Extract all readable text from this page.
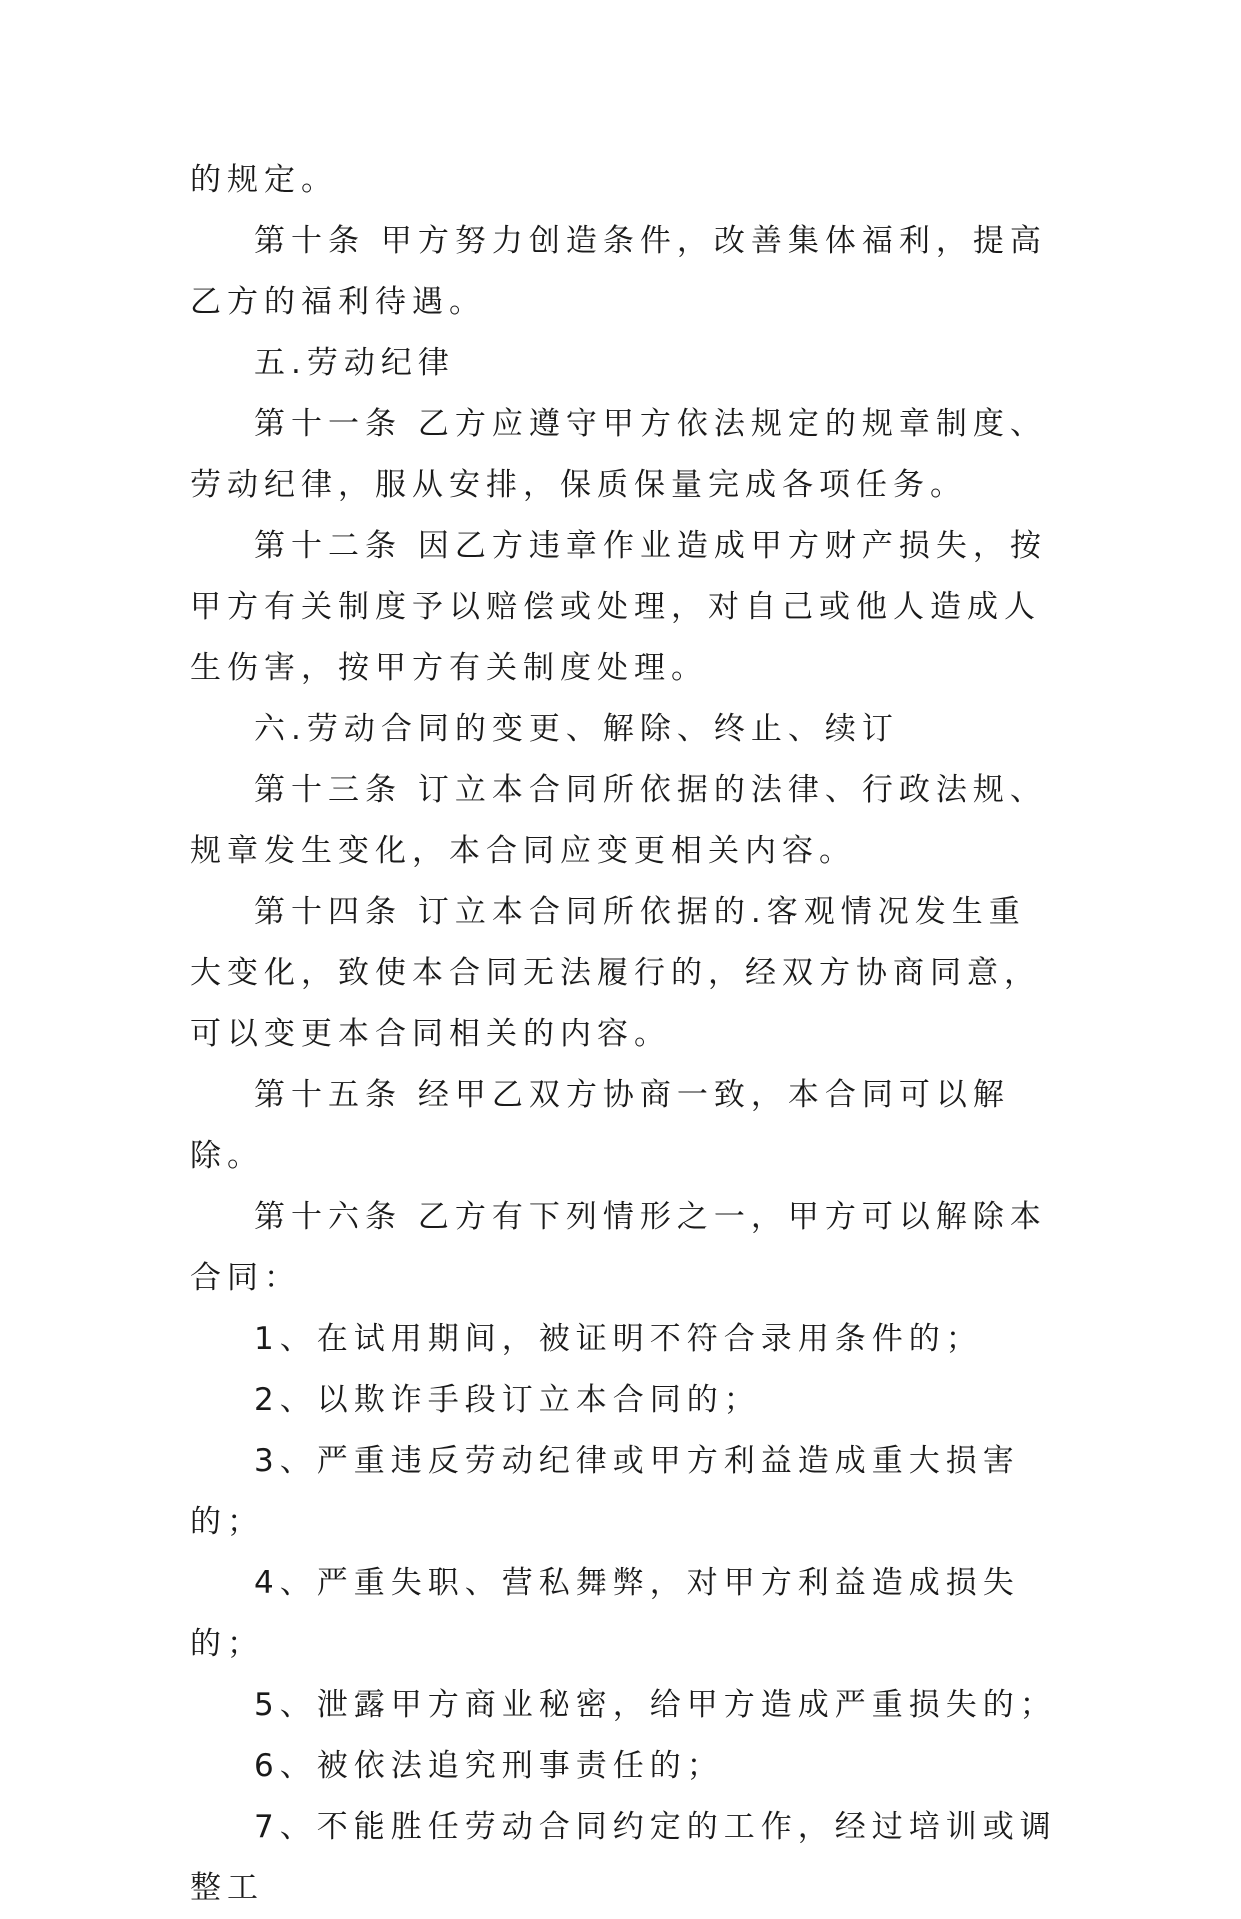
的规定。

第十条 甲方努力创造条件，改善集体福利，提高乙方的福利待遇。

五.劳动纪律

第十一条 乙方应遵守甲方依法规定的规章制度、劳动纪律，服从安排，保质保量完成各项任务。

第十二条 因乙方违章作业造成甲方财产损失，按甲方有关制度予以赔偿或处理，对自己或他人造成人生伤害，按甲方有关制度处理。

六.劳动合同的变更、解除、终止、续订

第十三条 订立本合同所依据的法律、行政法规、规章发生变化，本合同应变更相关内容。

第十四条 订立本合同所依据的.客观情况发生重大变化，致使本合同无法履行的，经双方协商同意，可以变更本合同相关的内容。

第十五条 经甲乙双方协商一致，本合同可以解除。

第十六条 乙方有下列情形之一，甲方可以解除本合同：

1、在试用期间，被证明不符合录用条件的；

2、以欺诈手段订立本合同的；

3、严重违反劳动纪律或甲方利益造成重大损害的；

4、严重失职、营私舞弊，对甲方利益造成损失的；

5、泄露甲方商业秘密，给甲方造成严重损失的；

6、被依法追究刑事责任的；

7、不能胜任劳动合同约定的工作，经过培训或调整工
